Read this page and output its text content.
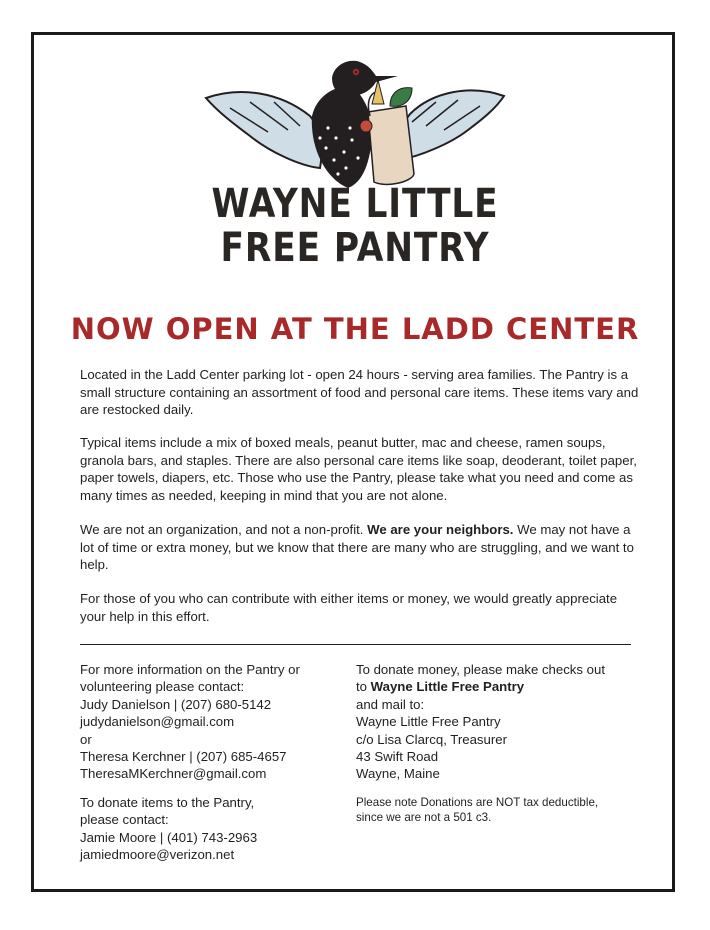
WAYNE LITTLE
FREE PANTRY
NOW OPEN AT THE LADD CENTER

Located in the Ladd Center parking lot - open 24 hours - serving area families. The Pantry is a small structure containing an assortment of food and personal care items. These items vary and are restocked daily.

Typical items include a mix of boxed meals, peanut butter, mac and cheese, ramen soups, granola bars, and staples. There are also personal care items like soap, deoderant, toilet paper, paper towels, diapers, etc. Those who use the Pantry, please take what you need and come as many times as needed, keeping in mind that you are not alone.

We are not an organization, and not a non-profit. We are your neighbors. We may not have a lot of time or extra money, but we know that there are many who are struggling, and we want to help.

For those of you who can contribute with either items or money, we would greatly appreciate your help in this effort.

For more information on the Pantry or
volunteering please contact:
Judy Danielson | (207) 680-5142
judydanielson@gmail.com
or
Theresa Kerchner | (207) 685-4657
TheresaMKerchner@gmail.com
To donate items to the Pantry,
please contact:
Jamie Moore | (401) 743-2963
jamiedmoore@verizon.net
To donate money, please make checks out
to Wayne Little Free Pantry
and mail to:
Wayne Little Free Pantry
c/o Lisa Clarcq, Treasurer
43 Swift Road
Wayne, Maine
Please note Donations are NOT tax deductible,
since we are not a 501 c3.
